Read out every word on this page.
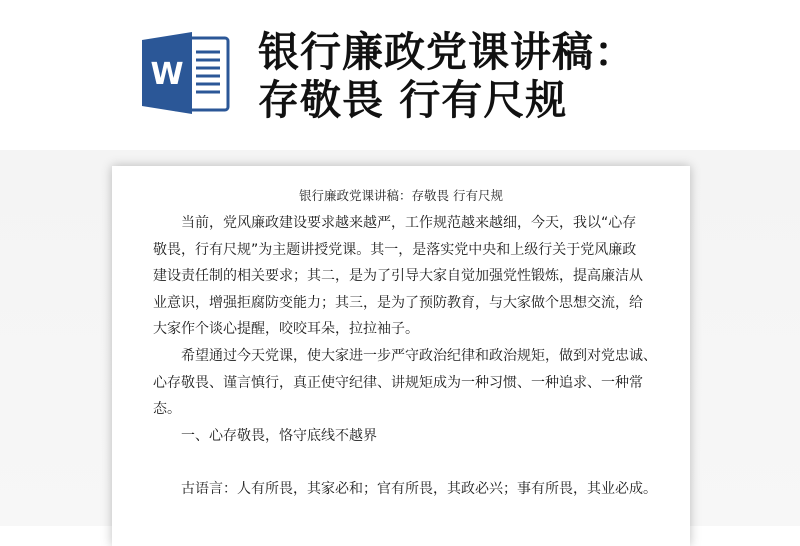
W 银行廉政党课讲稿：
存敬畏 行有尺规
银行廉政党课讲稿：存敬畏 行有尺规
当前，党风廉政建设要求越来越严，工作规范越来越细，今天，我以“心存
敬畏，行有尺规”为主题讲授党课。其一，是落实党中央和上级行关于党风廉政
建设责任制的相关要求；其二，是为了引导大家自觉加强党性锻炼，提高廉洁从
业意识，增强拒腐防变能力；其三，是为了预防教育，与大家做个思想交流，给
大家作个谈心提醒，咬咬耳朵，拉拉袖子。
希望通过今天党课，使大家进一步严守政治纪律和政治规矩，做到对党忠诚、
心存敬畏、谨言慎行，真正使守纪律、讲规矩成为一种习惯、一种追求、一种常
态。
一、心存敬畏，恪守底线不越界
古语言：人有所畏，其家必和；官有所畏，其政必兴；事有所畏，其业必成。
